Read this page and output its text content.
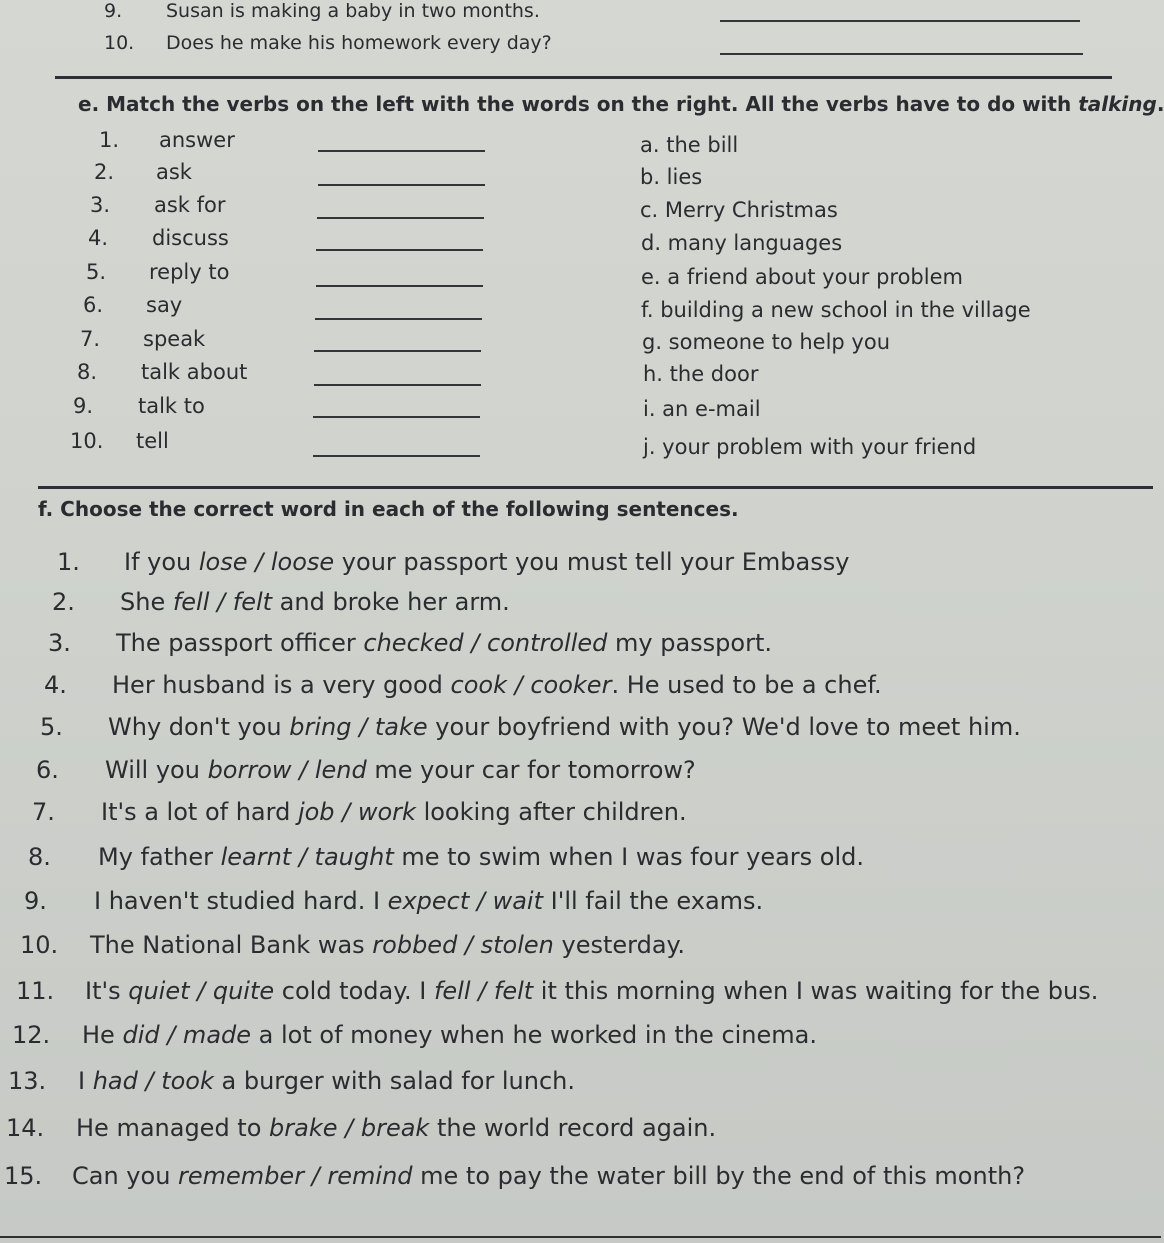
9. Susan is making a baby in two months.
10. Does he make his homework every day?
e. Match the verbs on the left with the words on the right. All the verbs have to do with talking.
1. answer	a. the bill
2. ask	b. lies
3. ask for	c. Merry Christmas
4. discuss	d. many languages
5. reply to	e. a friend about your problem
6. say	f. building a new school in the village
7. speak	g. someone to help you
8. talk about	h. the door
9. talk to	i. an e-mail
10. tell	j. your problem with your friend
f. Choose the correct word in each of the following sentences.
1. If you lose / loose your passport you must tell your Embassy
2. She fell / felt and broke her arm.
3. The passport officer checked / controlled my passport.
4. Her husband is a very good cook / cooker. He used to be a chef.
5. Why don't you bring / take your boyfriend with you? We'd love to meet him.
6. Will you borrow / lend me your car for tomorrow?
7. It's a lot of hard job / work looking after children.
8. My father learnt / taught me to swim when I was four years old.
9. I haven't studied hard. I expect / wait I'll fail the exams.
10. The National Bank was robbed / stolen yesterday.
11. It's quiet / quite cold today. I fell / felt it this morning when I was waiting for the bus.
12. He did / made a lot of money when he worked in the cinema.
13. I had / took a burger with salad for lunch.
14. He managed to brake / break the world record again.
15. Can you remember / remind me to pay the water bill by the end of this month?
